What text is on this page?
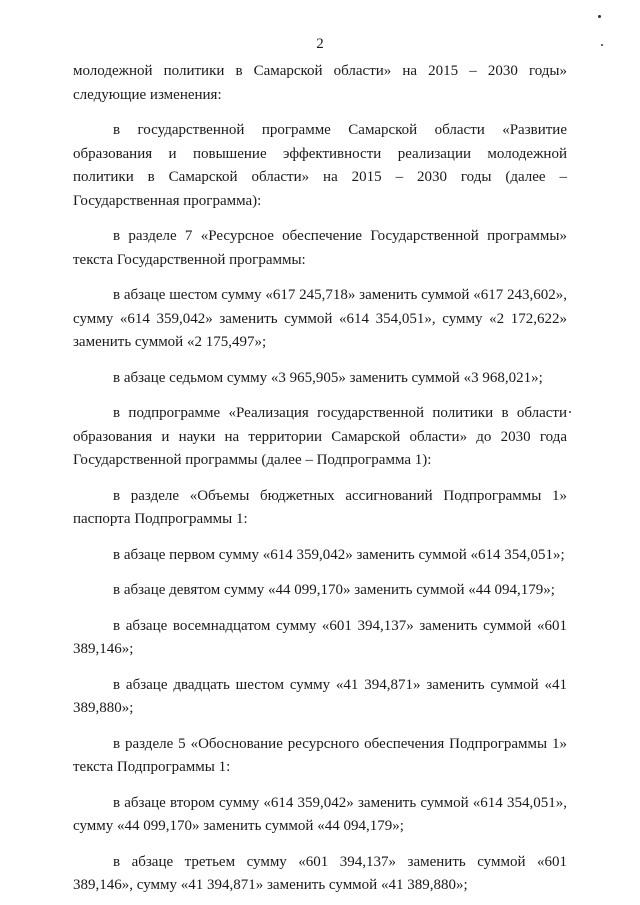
2

молодежной политики в Самарской области» на 2015 – 2030 годы» следующие изменения:

в государственной программе Самарской области «Развитие образования и повышение эффективности реализации молодежной политики в Самарской области» на 2015 – 2030 годы (далее – Государственная программа):

в разделе 7 «Ресурсное обеспечение Государственной программы» текста Государственной программы:

в абзаце шестом сумму «617 245,718» заменить суммой «617 243,602», сумму «614 359,042» заменить суммой «614 354,051», сумму «2 172,622» заменить суммой «2 175,497»;

в абзаце седьмом сумму «3 965,905» заменить суммой «3 968,021»;

в подпрограмме «Реализация государственной политики в области образования и науки на территории Самарской области» до 2030 года Государственной программы (далее – Подпрограмма 1):

в разделе «Объемы бюджетных ассигнований Подпрограммы 1» паспорта Подпрограммы 1:

в абзаце первом сумму «614 359,042» заменить суммой «614 354,051»;

в абзаце девятом сумму «44 099,170» заменить суммой «44 094,179»;

в абзаце восемнадцатом сумму «601 394,137» заменить суммой «601 389,146»;

в абзаце двадцать шестом сумму «41 394,871» заменить суммой «41 389,880»;

в разделе 5 «Обоснование ресурсного обеспечения Подпрограммы 1» текста Подпрограммы 1:

в абзаце втором сумму «614 359,042» заменить суммой «614 354,051», сумму «44 099,170» заменить суммой «44 094,179»;

в абзаце третьем сумму «601 394,137» заменить суммой «601 389,146», сумму «41 394,871» заменить суммой «41 389,880»;
